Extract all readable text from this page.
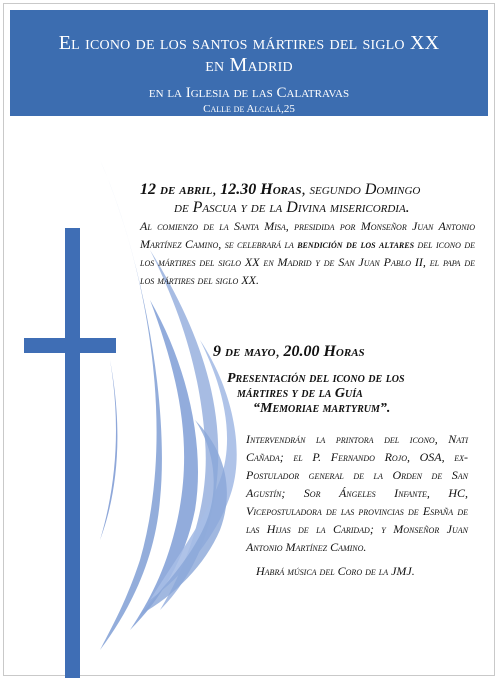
El icono de los santos mártires del siglo XX
en Madrid
en la Iglesia de las Calatravas
Calle de Alcalá,25
12 de abril, 12.30 Horas, segundo Domingo
de Pascua y de la Divina misericordia.
Al comienzo de la Santa Misa, presidida por Monseñor Juan Antonio Martínez Camino, se celebrará la bendición de los altares del icono de los mártires del siglo XX en Madrid y de San Juan Pablo II, el papa de los mártires del siglo XX.
9 de mayo, 20.00 Horas
Presentación del icono de los
mártires y de la Guía
“Memoriae martyrum”.
Intervendrán la printora del icono, Nati Cañada; el P. Fernando Rojo, OSA, ex-Postulador general de la Orden de San Agustín; Sor Ángeles Infante, HC, Vicepostuladora de las provincias de España de las Hijas de la Caridad; y Monseñor Juan Antonio Martínez Camino.
Habrá música del Coro de la JMJ.
